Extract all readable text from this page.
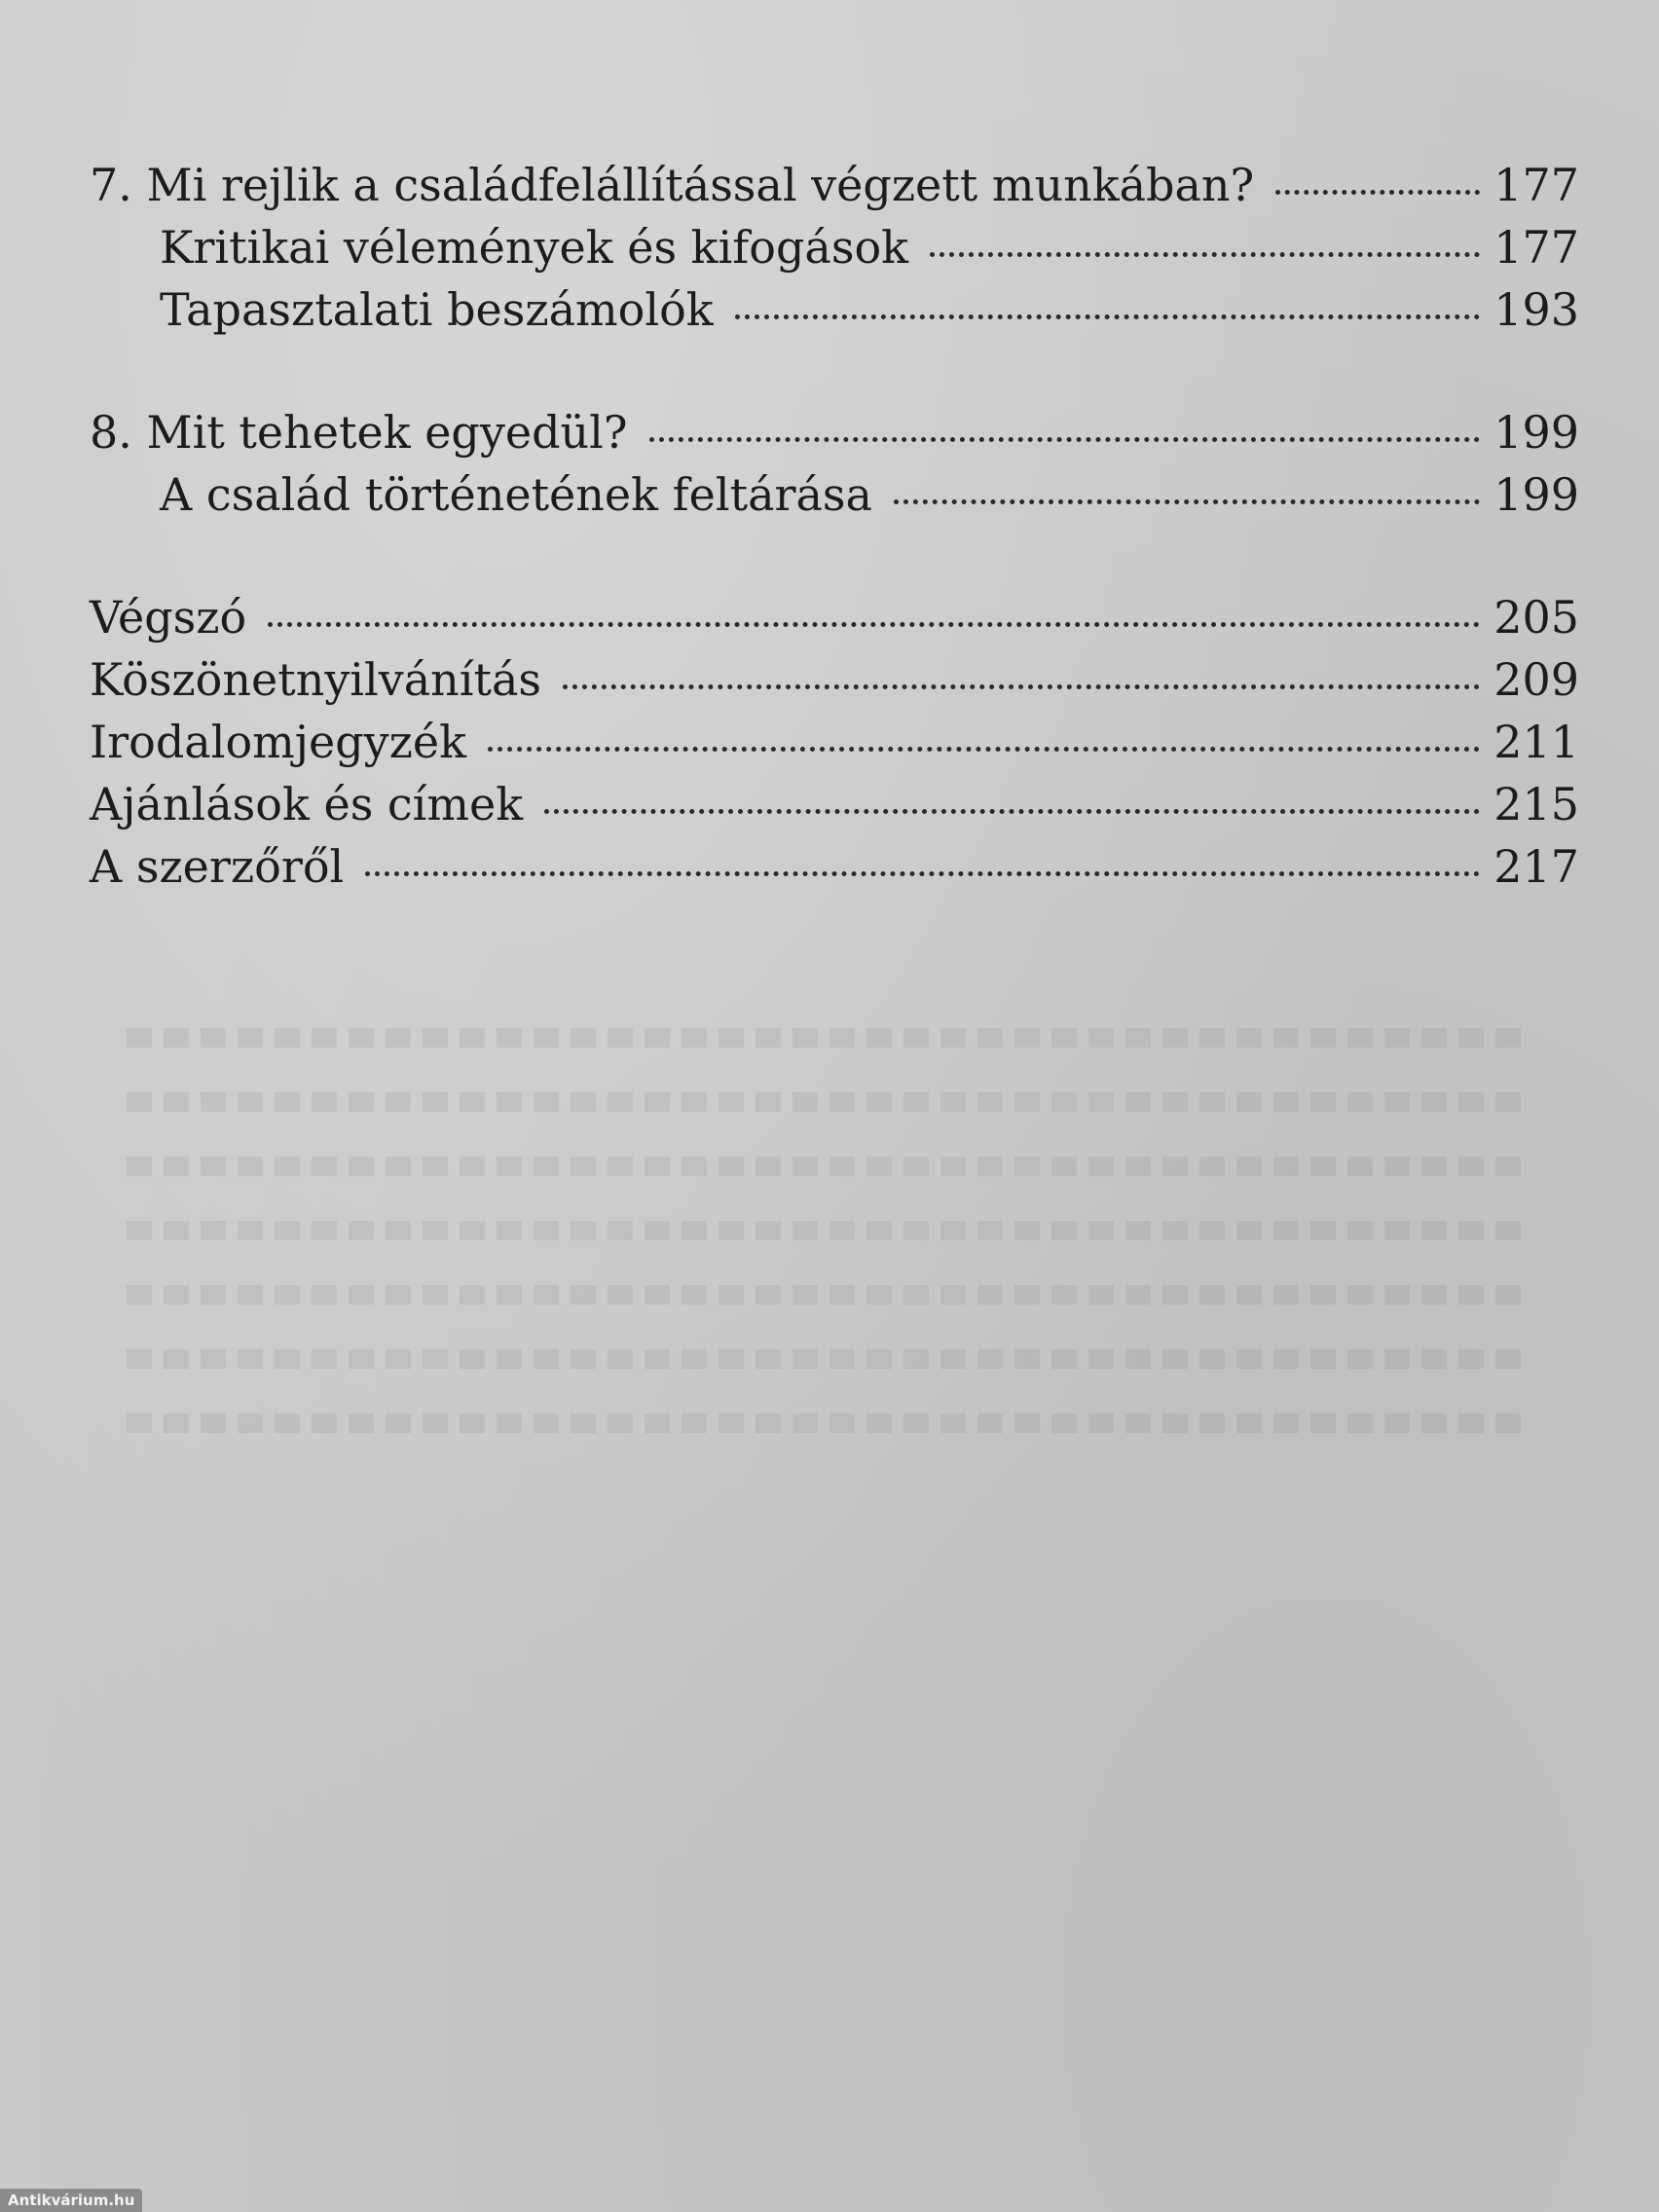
7. Mi rejlik a családfelállítással végzett munkában?	177
Kritikai vélemények és kifogások	177
Tapasztalati beszámolók	193
8. Mit tehetek egyedül?	199
A család történetének feltárása	199
Végszó	205
Köszönetnyilvánítás	209
Irodalomjegyzék	211
Ajánlások és címek	215
A szerzőről	217
Antikvárium.hu
